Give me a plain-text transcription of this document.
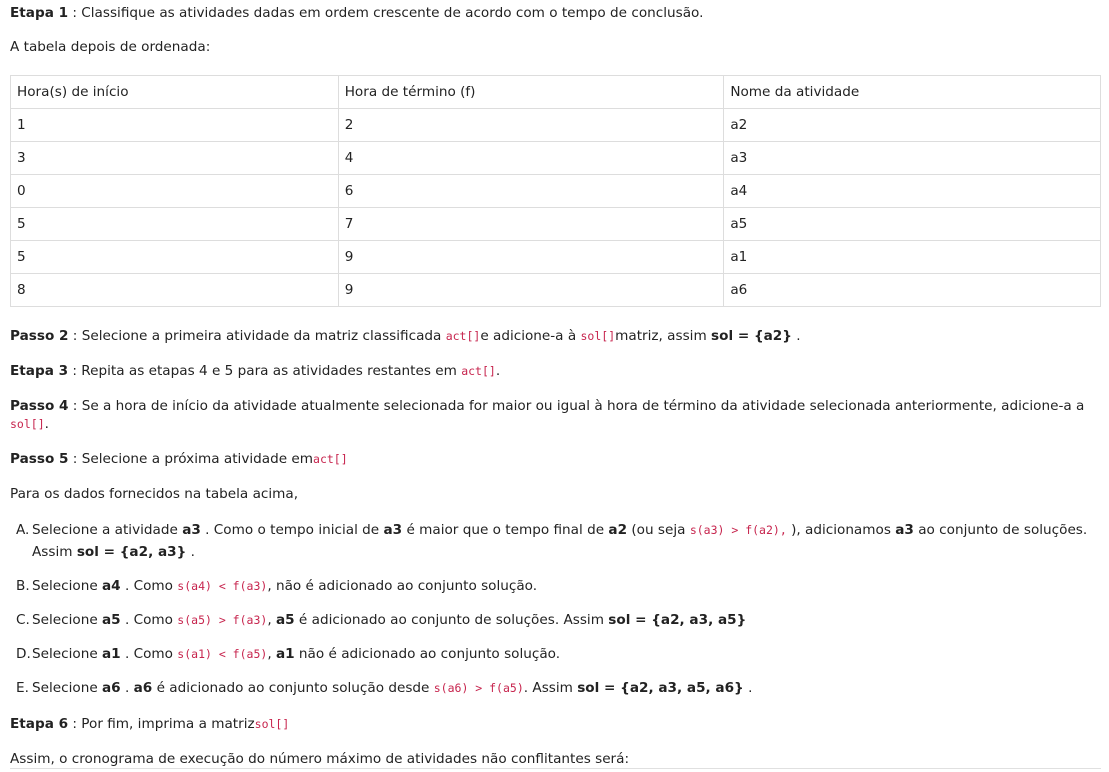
Etapa 1 : Classifique as atividades dadas em ordem crescente de acordo com o tempo de conclusão.

A tabela depois de ordenada:

Hora(s) de início	Hora de término (f)	Nome da atividade
1	2	a2
3	4	a3
0	6	a4
5	7	a5
5	9	a1
8	9	a6

Passo 2 : Selecione a primeira atividade da matriz classificada act[]e adicione-a à sol[]matriz, assim sol = {a2} .

Etapa 3 : Repita as etapas 4 e 5 para as atividades restantes em act[].

Passo 4 : Se a hora de início da atividade atualmente selecionada for maior ou igual à hora de término da atividade selecionada anteriormente, adicione-a a sol[].

Passo 5 : Selecione a próxima atividade emact[]

Para os dados fornecidos na tabela acima,

A. Selecione a atividade a3 . Como o tempo inicial de a3 é maior que o tempo final de a2 (ou seja s(a3) > f(a2), ), adicionamos a3 ao conjunto de soluções. Assim sol = {a2, a3} .
B. Selecione a4 . Como s(a4) < f(a3), não é adicionado ao conjunto solução.
C. Selecione a5 . Como s(a5) > f(a3), a5 é adicionado ao conjunto de soluções. Assim sol = {a2, a3, a5}
D. Selecione a1 . Como s(a1) < f(a5), a1 não é adicionado ao conjunto solução.
E. Selecione a6 . a6 é adicionado ao conjunto solução desde s(a6) > f(a5). Assim sol = {a2, a3, a5, a6} .

Etapa 6 : Por fim, imprima a matrizsol[]

Assim, o cronograma de execução do número máximo de atividades não conflitantes será:
